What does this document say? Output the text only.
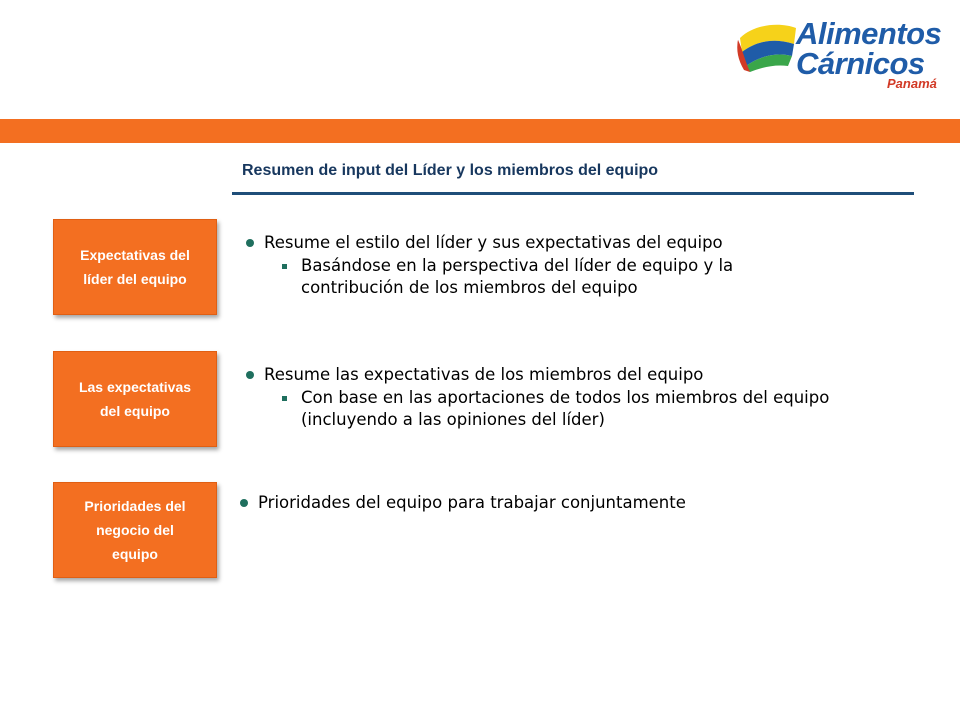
Alimentos
Cárnicos
Panamá
Resumen de input del Líder y los miembros del equipo
Expectativas del
líder del equipo
Resume el estilo del líder y sus expectativas del equipo
Basándose en la perspectiva del líder de equipo y la
contribución de los miembros del equipo
Las expectativas
del equipo
Resume las expectativas de los miembros del equipo
Con base en las aportaciones de todos los miembros del equipo
(incluyendo a las opiniones del líder)
Prioridades del
negocio del
equipo
Prioridades del equipo para trabajar conjuntamente
